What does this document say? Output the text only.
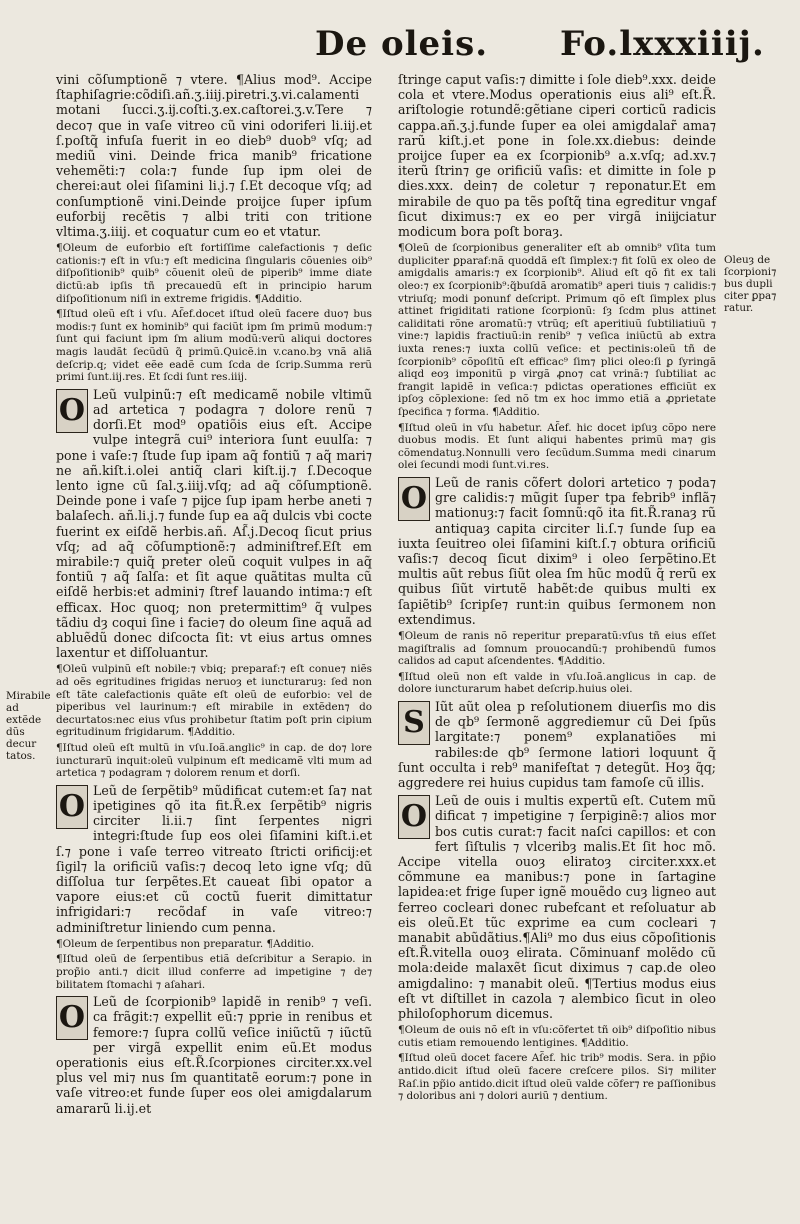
De oleis. Fo.lxxxiiij.
Mirabile ad extẽde dũs decur tatos.
Oleuȝ de ſcorpioni⁊ bus dupli citer ꝑpa⁊ ratur.

vini cõſumptionẽ ⁊ vtere. ¶Alius mod⁹. Accipe ſtaphiſagrie:cõdiſi.añ.ʒ.iiij.piretri.ʒ.vi.calamenti motani ſucci.ʒ.ĳ.coſti.ʒ.ex.caſtorei.ʒ.v.Tere ⁊ deco⁊ que in vaſe vitreo cũ vini odoriferi li.iij.et ſ.poſtq̃ infuſa fuerit in eo dieb⁹ duob⁹ vſq; ad mediũ vini. Deinde frica manib⁹ fricatione vehemẽti:⁊ cola:⁊ funde ſup ipm olei de cherei:aut olei ſiſamini li.j.⁊ ſ.Et decoque vſq; ad conſumptionẽ vini.Deinde proijce ſuper ipſum euforbij recẽtis ⁊ albi triti con tritione vltima.ʒ.iiij. et coquatur cum eo et vtatur.

¶Oleum de euforbio eſt fortiſſime calefactionis ⁊ deſic cationis:⁊ eſt in vſu:⁊ eſt medicina ſingularis cõuenies oib⁹ diſpoſitionib⁹ quib⁹ cõuenit oleũ de piperib⁹ imme diate dictũ:ab ipſis tñ precauedũ eſt in principio harum diſpoſitionum niſi in extreme frigidis. ¶Additio.

¶Iſtud oleũ eſt i vſu. Aſ̃ef.docet iſtud oleũ facere duo⁊ bus modis:⁊ ſunt ex hominib⁹ qui faciũt ipm ſm primũ modum:⁊ ſunt qui faciunt ipm ſm alium modũ:verũ aliqui doctores magis laudãt ſecũdũ q̃ primũ.Quicẽ.in v.cano.bȝ vnã aliã deſcrip.q; videt eẽe eadẽ cum ſcda de ſcrip.Summa rerũ primi ſunt.iij.res. Et ſcdi ſunt res.iiij.

O Leũ vulpinũ:⁊ eſt medicamẽ nobile vltimũ ad artetica ⁊ podagra ⁊ dolore renũ ⁊ dorſi.Et mod⁹ opatiõis eius eſt. Accipe vulpe integrã cui⁹ interiora ſunt euulſa: ⁊ pone i vaſe:⁊ ſtude ſup ipam aq̃ fontiũ ⁊ aq̃ mari⁊ ne añ.kiſt.i.olei antiq̃ clari kiſt.ij.⁊ ſ.Decoque lento igne cũ ſal.ʒ.iiij.vſq; ad aq̃ cõſumptionẽ. Deinde pone i vaſe ⁊ pĳce ſup ipam herbe aneti ⁊ balaſech. añ.li.j.⁊ funde ſup ea aq̃ dulcis vbi cocte fuerint ex eiſdẽ herbis.añ. Aſ̃.j.Decoq ſicut prius vſq; ad aq̃ cõſumptionẽ:⁊ adminiſtref.Eſt em mirabile:⁊ quiq̃ preter oleũ coquit vulpes in aq̃ fontiũ ⁊ aq̃ ſalſa: et ſit aque quãtitas multa cũ eiſdẽ herbis:et admini⁊ ſtref lauando intima:⁊ eſt efficax. Hoc quoq; non pretermittim⁹ q̃ vulpes tãdiu dȝ coqui ſine i facie⁊ do oleum ſine aquã ad abluẽdũ donec diſcocta ſit: vt eius artus omnes laxentur et diſſoluantur.

¶Oleũ vulpinũ eſt nobile:⁊ vbiq; preparaf:⁊ eſt conue⁊ niẽs ad oẽs egritudines frigidas neruoȝ et iuncturaruȝ: ſed non eſt tãte calefactionis quãte eſt oleũ de euforbio: vel de piperibus vel laurinum:⁊ eſt mirabile in extẽden⁊ do decurtatos:nec eius vſus prohibetur ſtatim poſt prin cipium egritudinum frigidarum. ¶Additio.

¶Iſtud oleũ eſt multũ in vſu.Ioã.anglic⁹ in cap. de do⁊ lore iuncturarũ inquit:oleũ vulpinum eſt medicamẽ vlti mum ad artetica ⁊ podagram ⁊ dolorem renum et dorſi.

O Leũ de ſerpẽtib⁹ mũdificat cutem:et ſa⁊ nat ipetigines qõ ita fit.R̃.ex ſerpẽtib⁹ nigris circiter li.ii.⁊ ſint ſerpentes nigri integri:ſtude ſup eos olei ſiſamini kiſt.i.et ſ.⁊ pone i vaſe terreo vitreato ſtricti orificij:et ſigil⁊ la orificiũ vaſis:⁊ decoq leto igne vſq; dũ diſſolua tur ſerpẽtes.Et caueat ſibi opator a vapore eius:et cũ coctũ fuerit dimittatur infrigidari:⁊ recõdaf in vaſe vitreo:⁊ adminiſtretur liniendo cum penna.

¶Oleum de ſerpentibus non preparatur. ¶Additio.

¶Iſtud oleũ de ſerpentibus etiã deſcribitur a Serapio. in prop̃io anti.⁊ dicit illud conferre ad impetigine ⁊ de⁊ bilitatem ſtomachi ⁊ aſahari.

O Leũ de ſcorpionib⁹ lapidẽ in renib⁹ ⁊ veſi. ca frãgit:⁊ expellit eũ:⁊ pprie in renibus et femore:⁊ ſupra collũ veſice iniũctũ ⁊ iũctũ per virgã expellit enim eũ.Et modus operationis eius eſt.R̃.ſcorpiones circiter.xx.vel plus vel mi⁊ nus ſm quantitatẽ eorum:⁊ pone in vaſe vitreo:et funde ſuper eos olei amigdalarum amararũ li.ij.et

ſtringe caput vaſis:⁊ dimitte i ſole dieb⁹.xxx. deide cola et vtere.Modus operationis eius ali⁹ eſt.R̃. ariſtologie rotundẽ:gẽtiane ciperi corticũ radicis cappa.añ.ʒ.j.funde ſuper ea olei amigdalar̃ ama⁊ rarũ kiſt.j.et pone in ſole.xx.diebus: deinde proijce ſuper ea ex ſcorpionib⁹ a.x.vſq; ad.xv.⁊ iterũ ſtrin⁊ ge orificiũ vaſis: et dimitte in ſole p dies.xxx. dein⁊ de coletur ⁊ reponatur.Et em mirabile de quo pa tẽs poſtq̃ tina egreditur vngaf ſicut diximus:⁊ ex eo per virgã iniĳciatur modicum bora poſt boraȝ.

¶Oleũ de ſcorpionibus generaliter eſt ab omnib⁹ vſita tum dupliciter ꝑparaf:nã quoddã eſt ſimplex:⁊ fit ſolũ ex oleo de amigdalis amaris:⁊ ex ſcorpionib⁹. Aliud eſt qõ fit ex tali oleo:⁊ ex ſcorpionib⁹:q̃buſdã aromatib⁹ aperi tiuis ⁊ calidis:⁊ vtriuſq; modi ponunf deſcript. Primum qõ eſt ſimplex plus attinet frigiditati ratione ſcorpionũ: ſȝ ſcdm plus attinet caliditati rõne aromatũ:⁊ vtrũq; eſt aperitiuũ ſubtiliatiuũ ⁊ vine:⁊ lapidis fractiuũ:in renib⁹ ⁊ veſica iniũctũ ab extra iuxta renes:⁊ iuxta collũ veſice: et pectinis:oleũ tñ de ſcorpionib⁹ cõpoſitũ eſt efficac⁹ ſim⁊ plici oleo:ſi ꝑ ſyringã aliqd eoȝ imponitũ p virgã ꝓno⁊ cat vrinã:⁊ ſubtiliat ac frangit lapidẽ in veſica:⁊ pdictas operationes efficiũt ex ipſoȝ cõplexione: ſed nõ tm ex hoc immo etiã a ꝓprietate ſpecifica ⁊ forma. ¶Additio.

¶Iſtud oleũ in vſu habetur. Aſ̃ef. hic docet ipſuȝ cõpo nere duobus modis. Et ſunt aliqui habentes primũ ma⁊ gis cõmendatuȝ.Nonnulli vero ſecũdum.Summa medi cinarum olei ſecundi modi ſunt.vi.res.

O Leũ de ranis cõfert dolori artetico ⁊ poda⁊ gre calidis:⁊ mũgit ſuper tpa febrib⁹ inflã⁊ mationuȝ:⁊ facit ſomnũ:qõ ita fit.R̃.ranaȝ rũ antiquaȝ capita circiter li.ſ.⁊ ſunde ſup ea iuxta ſeuitreo olei ſiſamini kiſt.ſ.⁊ obtura orificiũ vaſis:⁊ decoq ſicut dixim⁹ i oleo ſerpẽtino.Et multis aũt rebus ſiũt olea ſm hũc modũ q̃ rerũ ex quibus ſiũt virtutẽ habẽt:de quibus multi ex ſapiẽtib⁹ ſcripſe⁊ runt:in quibus ſermonem non extendimus.

¶Oleum de ranis nõ reperitur preparatũ:vſus tñ eius eſſet magiſtralis ad ſomnum prouocandũ:⁊ prohibendũ fumos calidos ad caput aſcendentes. ¶Additio.

¶Iſtud oleũ non eſt valde in vſu.Ioã.anglicus in cap. de dolore iuncturarum habet deſcrip.huius olei.

S Iũt aũt olea p reſolutionem diuerſis mo dis de qb⁹ ſermonẽ aggrediemur cũ Dei ſpũs largitate:⁊ ponem⁹ explanatiões mi rabiles:de qb⁹ ſermone latiori loquunt q̃ ſunt occulta i reb⁹ manifeſtat ⁊ detegũt. Hoȝ q̃q; aggredere rei huius cupidus tam famoſe cũ illis.

O Leũ de ouis i multis expertũ eſt. Cutem mũ dificat ⁊ impetigine ⁊ ſerpiginẽ:⁊ alios mor bos cutis curat:⁊ facit naſci capillos: et con fert ſiſtulis ⁊ vlceribȝ malis.Et ſit hoc mõ. Accipe vitella ouoȝ eliratoȝ circiter.xxx.et cõmmune ea manibus:⁊ pone in ſartagine lapidea:et frige ſuper ignẽ mouẽdo cuȝ ligneo aut ferreo cocleari donec rubefcant et reſoluatur ab eis oleũ.Et tũc exprime ea cum cocleari ⁊ manabit abũdãtius.¶Ali⁹ mo dus eius cõpoſitionis eſt.R̃.vitella ouoȝ elirata. Cõminuanf molẽdo cũ mola:deide malaxẽt ſicut diximus ⁊ cap.de oleo amigdalino: ⁊ manabit oleũ. ¶Tertius modus eius eſt vt diſtillet in cazola ⁊ alembico ſicut in oleo philoſophorum dicemus.

¶Oleum de ouis nõ eſt in vſu:cõfertet tñ oib⁹ diſpoſitio nibus cutis etiam remouendo lentigines. ¶Additio.

¶Iſtud oleũ docet facere Aſ̃ef. hic trib⁹ modis. Sera. in pp̃io antido.dicit iſtud oleũ facere creſcere pilos. Si⁊ militer Raſ.in pp̃io antido.dicit iſtud oleũ valde cõfer⁊ re paſſionibus ⁊ doloribus ani ⁊ dolori auriũ ⁊ dentium.
